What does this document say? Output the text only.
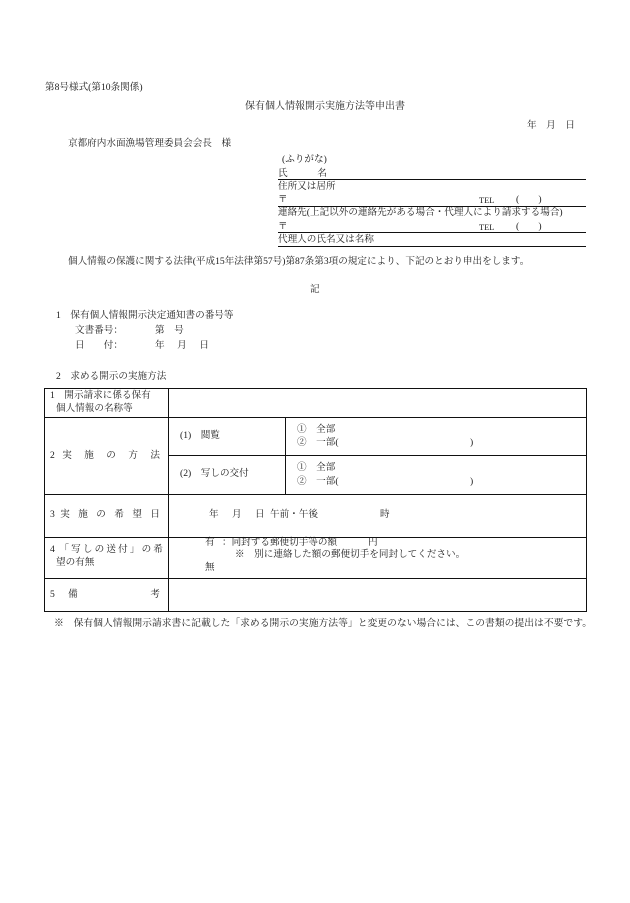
第8号様式(第10条関係)
保有個人情報開示実施方法等申出書
年　月　日
京都府内水面漁場管理委員会会長　様
(ふりがな)
氏　　名
住所又は居所
〒	TEL (　　)
連絡先(上記以外の連絡先がある場合・代理人により請求する場合)
〒	TEL (　　)
代理人の氏名又は名称
個人情報の保護に関する法律(平成15年法律第57号)第87条第3項の規定により、下記のとおり申出をします。
記
1　保有個人情報開示決定通知書の番号等
文書番号：	第　号
日　　付：	年　月　日
2　求める開示の実施方法
1　開示請求に係る保有
個人情報の名称等
2 実 施 の 方 法
(1)　閲覧
①　全部
②　一部(	)
(2)　写しの交付
①　全部
②　一部(	)
3 実 施 の 希 望 日	年 月 日 午前・午後	時
4 「写しの送付」の希
望の有無
有 ：同封する郵便切手等の額	円
※　別に連絡した額の郵便切手を同封してください。
無
5 備　　　考
※　保有個人情報開示請求書に記載した「求める開示の実施方法等」と変更のない場合には、この書類の提出は不要です。
